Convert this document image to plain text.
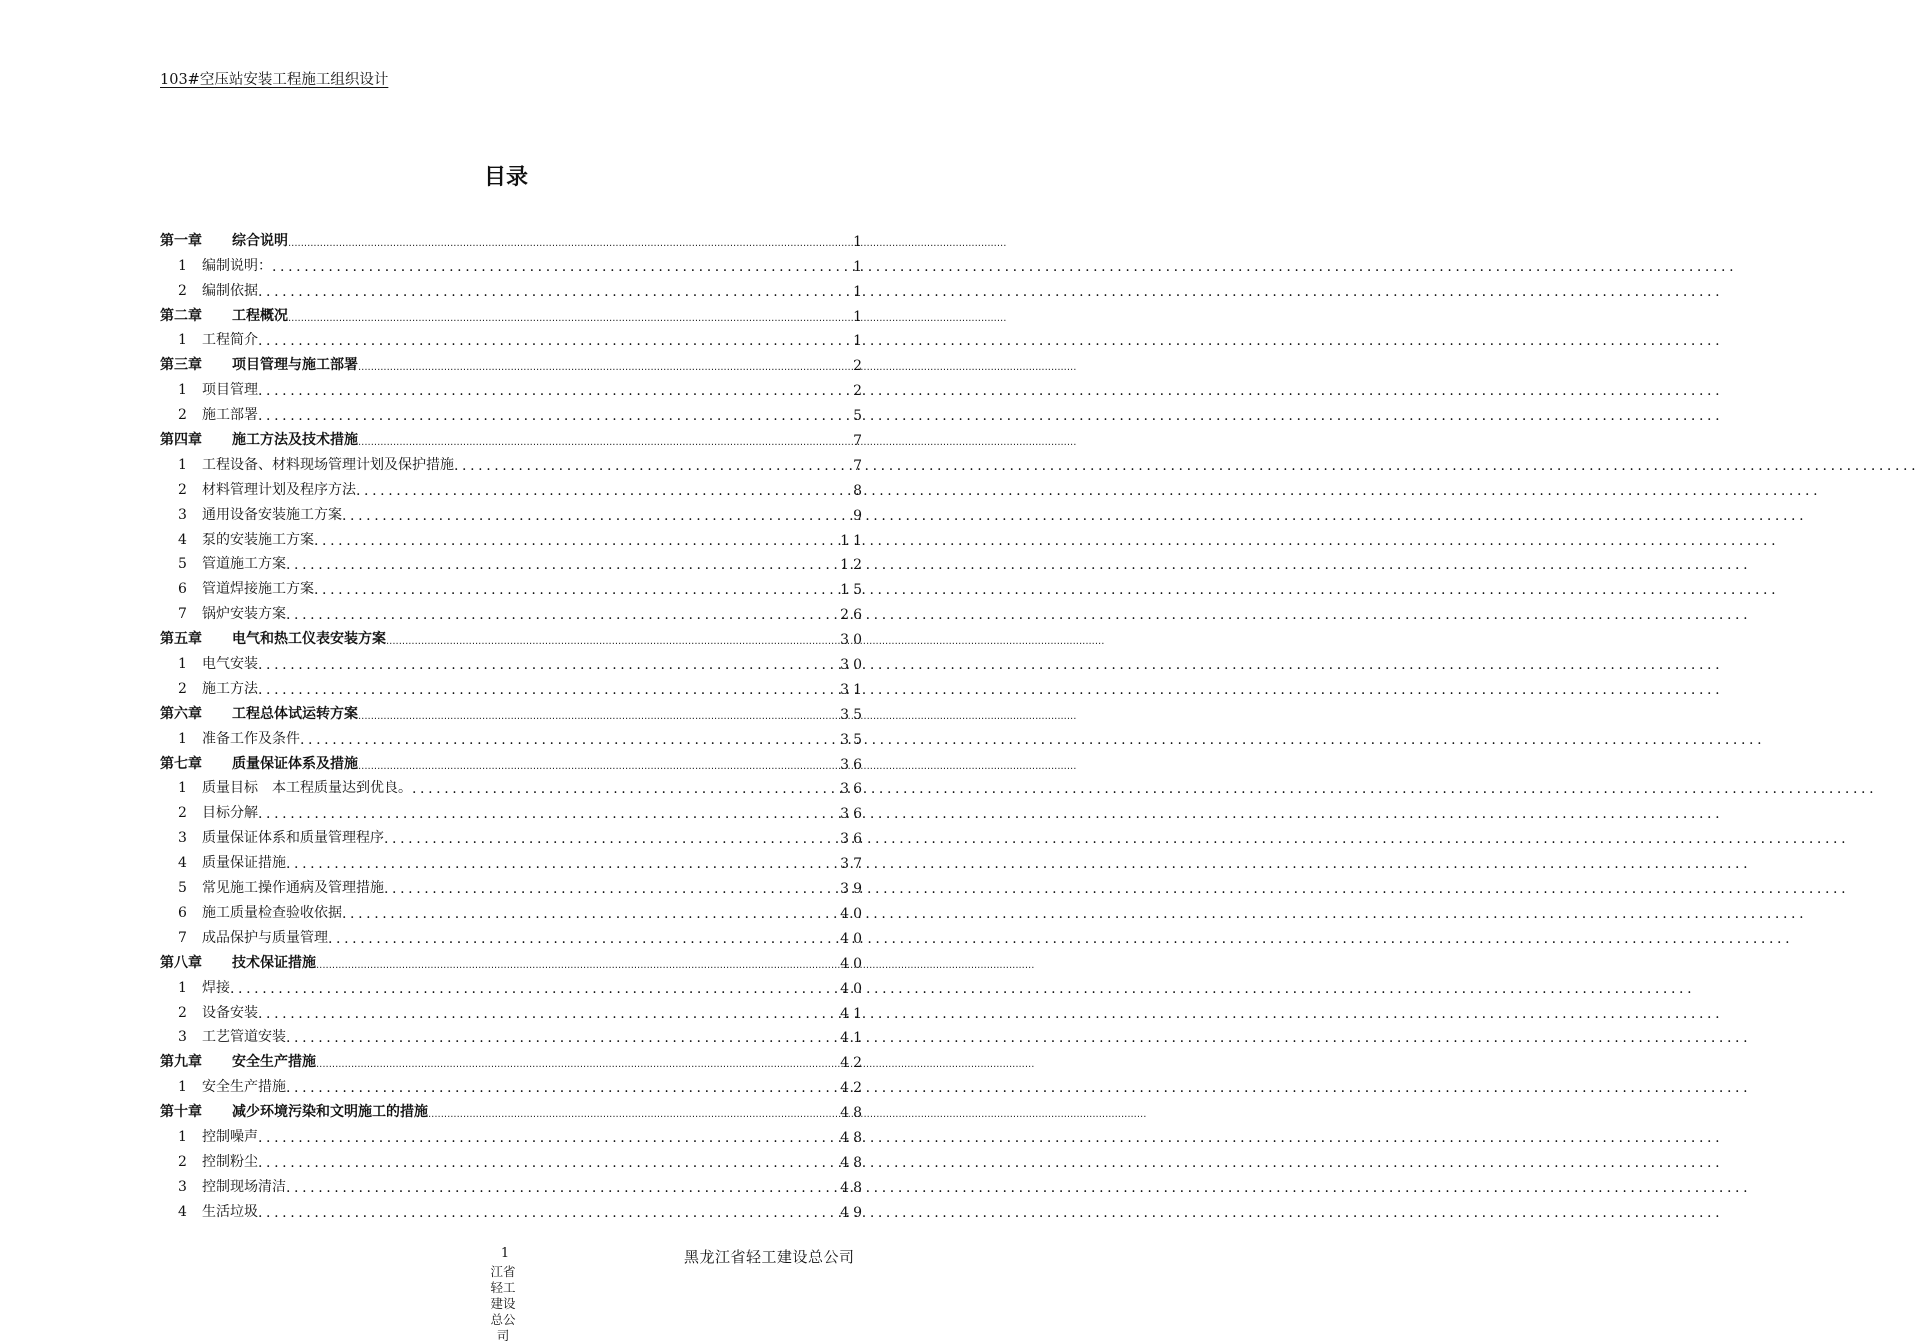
103#空压站安装工程施工组织设计
目录
第一章 综合说明 .....	1
1 编制说明： .....	1
2 编制依据 .....	1
第二章 工程概况 .....	1
1 工程简介 .....	1
第三章 项目管理与施工部署 .....	2
1 项目管理 .....	2
2 施工部署 .....	5
第四章 施工方法及技术措施 .....	7
1 工程设备、材料现场管理计划及保护措施 .....	7
2 材料管理计划及程序方法 .....	8
3 通用设备安装施工方案 .....	9
4 泵的安装施工方案 .....	11
5 管道施工方案 .....	12
6 管道焊接施工方案 .....	15
7 锅炉安装方案 .....	26
第五章 电气和热工仪表安装方案 .....	30
1 电气安装 .....	30
2 施工方法 .....	31
第六章 工程总体试运转方案 .....	35
1 准备工作及条件 .....	35
第七章 质量保证体系及措施 .....	36
1 质量目标　本工程质量达到优良。 .....	36
2 目标分解 .....	36
3 质量保证体系和质量管理程序 .....	36
4 质量保证措施 .....	37
5 常见施工操作通病及管理措施 .....	39
6 施工质量检查验收依据 .....	40
7 成品保护与质量管理 .....	40
第八章 技术保证措施 .....	40
1 焊接 .....	40
2 设备安装 .....	41
3 工艺管道安装 .....	41
第九章 安全生产措施 .....	42
1 安全生产措施 .....	42
第十章 减少环境污染和文明施工的措施 .....	48
1 控制噪声 .....	48
2 控制粉尘 .....	48
3 控制现场清洁 .....	48
4 生活垃圾 .....	49
1	黑龙江省轻工建设总公司
江省轻工建设总公司
